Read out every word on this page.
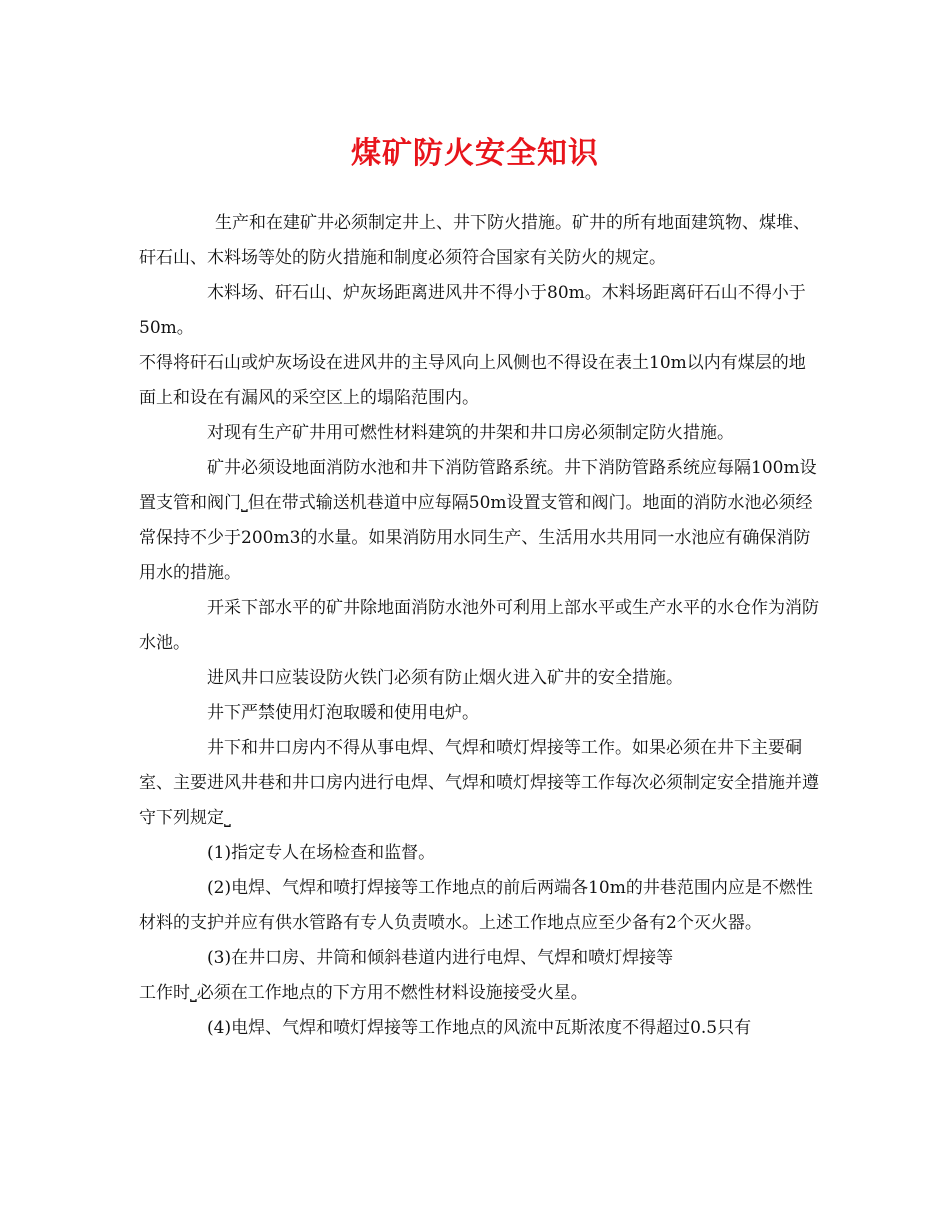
煤矿防火安全知识

生产和在建矿井必须制定井上、井下防火措施。矿井的所有地面建筑物、煤堆、矸石山、木料场等处的防火措施和制度必须符合国家有关防火的规定。

木料场、矸石山、炉灰场距离进风井不得小于80m。木料场距离矸石山不得小于50m。

不得将矸石山或炉灰场设在进风井的主导风向上风侧也不得设在表土10m以内有煤层的地面上和设在有漏风的采空区上的塌陷范围内。

对现有生产矿井用可燃性材料建筑的井架和井口房必须制定防火措施。

矿井必须设地面消防水池和井下消防管路系统。井下消防管路系统应每隔100m设置支管和阀门⎵但在带式输送机巷道中应每隔50m设置支管和阀门。地面的消防水池必须经常保持不少于200m3的水量。如果消防用水同生产、生活用水共用同一水池应有确保消防用水的措施。

开采下部水平的矿井除地面消防水池外可利用上部水平或生产水平的水仓作为消防水池。

进风井口应装设防火铁门必须有防止烟火进入矿井的安全措施。

井下严禁使用灯泡取暖和使用电炉。

井下和井口房内不得从事电焊、气焊和喷灯焊接等工作。如果必须在井下主要硐室、主要进风井巷和井口房内进行电焊、气焊和喷灯焊接等工作每次必须制定安全措施并遵守下列规定⎵

(1)指定专人在场检查和监督。

(2)电焊、气焊和喷打焊接等工作地点的前后两端各10m的井巷范围内应是不燃性材料的支护并应有供水管路有专人负责喷水。上述工作地点应至少备有2个灭火器。

(3)在井口房、井筒和倾斜巷道内进行电焊、气焊和喷灯焊接等工作时⎵必须在工作地点的下方用不燃性材料设施接受火星。

(4)电焊、气焊和喷灯焊接等工作地点的风流中瓦斯浓度不得超过0.5只有
